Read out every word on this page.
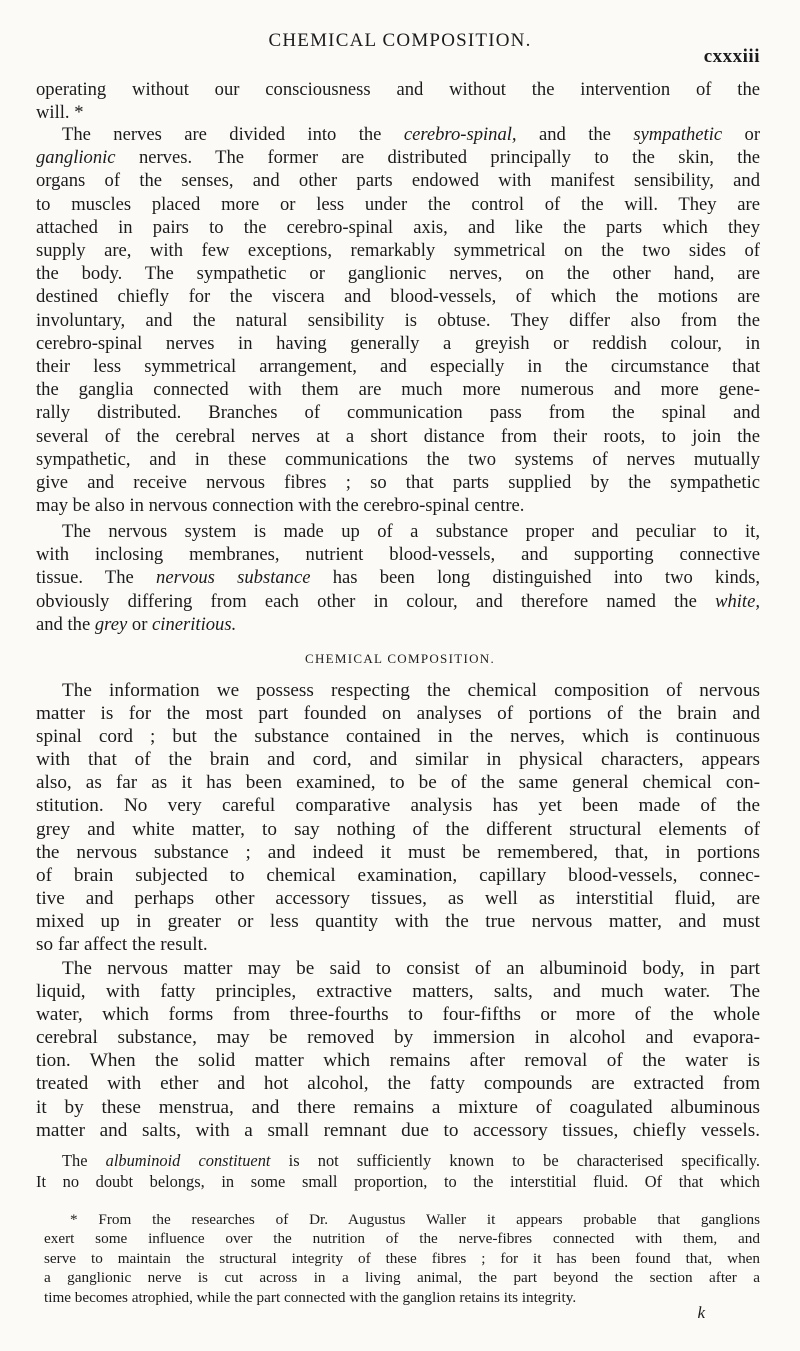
CHEMICAL COMPOSITION.
cxxxiii
operating without our consciousness and without the intervention of the
will. *
The nerves are divided into the cerebro-spinal, and the sympathetic or
ganglionic nerves. The former are distributed principally to the skin, the
organs of the senses, and other parts endowed with manifest sensibility, and
to muscles placed more or less under the control of the will. They are
attached in pairs to the cerebro-spinal axis, and like the parts which they
supply are, with few exceptions, remarkably symmetrical on the two sides of
the body. The sympathetic or ganglionic nerves, on the other hand, are
destined chiefly for the viscera and blood-vessels, of which the motions are
involuntary, and the natural sensibility is obtuse. They differ also from the
cerebro-spinal nerves in having generally a greyish or reddish colour, in
their less symmetrical arrangement, and especially in the circumstance that
the ganglia connected with them are much more numerous and more gene-
rally distributed. Branches of communication pass from the spinal and
several of the cerebral nerves at a short distance from their roots, to join the
sympathetic, and in these communications the two systems of nerves mutually
give and receive nervous fibres ; so that parts supplied by the sympathetic
may be also in nervous connection with the cerebro-spinal centre.
The nervous system is made up of a substance proper and peculiar to it,
with inclosing membranes, nutrient blood-vessels, and supporting connective
tissue. The nervous substance has been long distinguished into two kinds,
obviously differing from each other in colour, and therefore named the white,
and the grey or cineritious.
CHEMICAL COMPOSITION.
The information we possess respecting the chemical composition of nervous
matter is for the most part founded on analyses of portions of the brain and
spinal cord ; but the substance contained in the nerves, which is continuous
with that of the brain and cord, and similar in physical characters, appears
also, as far as it has been examined, to be of the same general chemical con-
stitution. No very careful comparative analysis has yet been made of the
grey and white matter, to say nothing of the different structural elements of
the nervous substance ; and indeed it must be remembered, that, in portions
of brain subjected to chemical examination, capillary blood-vessels, connec-
tive and perhaps other accessory tissues, as well as interstitial fluid, are
mixed up in greater or less quantity with the true nervous matter, and must
so far affect the result.
The nervous matter may be said to consist of an albuminoid body, in part
liquid, with fatty principles, extractive matters, salts, and much water. The
water, which forms from three-fourths to four-fifths or more of the whole
cerebral substance, may be removed by immersion in alcohol and evapora-
tion. When the solid matter which remains after removal of the water is
treated with ether and hot alcohol, the fatty compounds are extracted from
it by these menstrua, and there remains a mixture of coagulated albuminous
matter and salts, with a small remnant due to accessory tissues, chiefly vessels.
The albuminoid constituent is not sufficiently known to be characterised specifically.
It no doubt belongs, in some small proportion, to the interstitial fluid. Of that which
* From the researches of Dr. Augustus Waller it appears probable that ganglions
exert some influence over the nutrition of the nerve-fibres connected with them, and
serve to maintain the structural integrity of these fibres ; for it has been found that, when
a ganglionic nerve is cut across in a living animal, the part beyond the section after a
time becomes atrophied, while the part connected with the ganglion retains its integrity.
k
